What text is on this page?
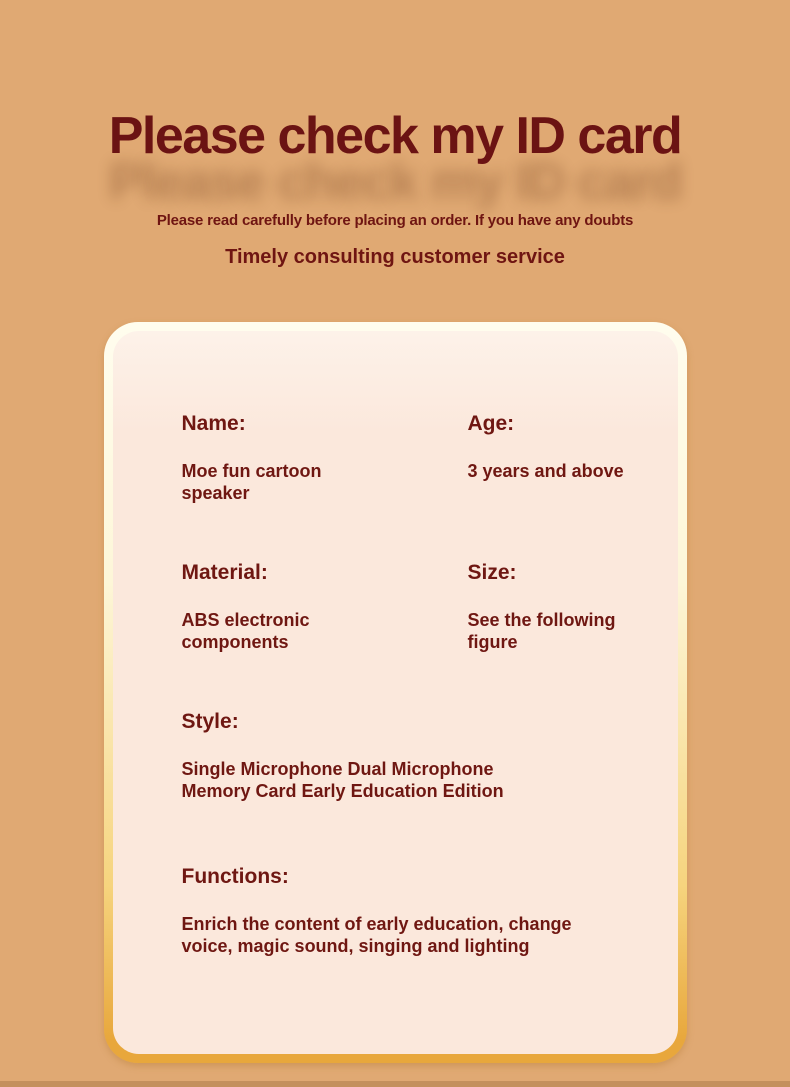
Please check my ID card

Please read carefully before placing an order. If you have any doubts

Timely consulting customer service

Name:

Moe fun cartoon speaker

Age:

3 years and above

Material:

ABS electronic components

Size:

See the following figure

Style:

Single Microphone Dual Microphone Memory Card Early Education Edition

Functions:

Enrich the content of early education, change voice, magic sound, singing and lighting
